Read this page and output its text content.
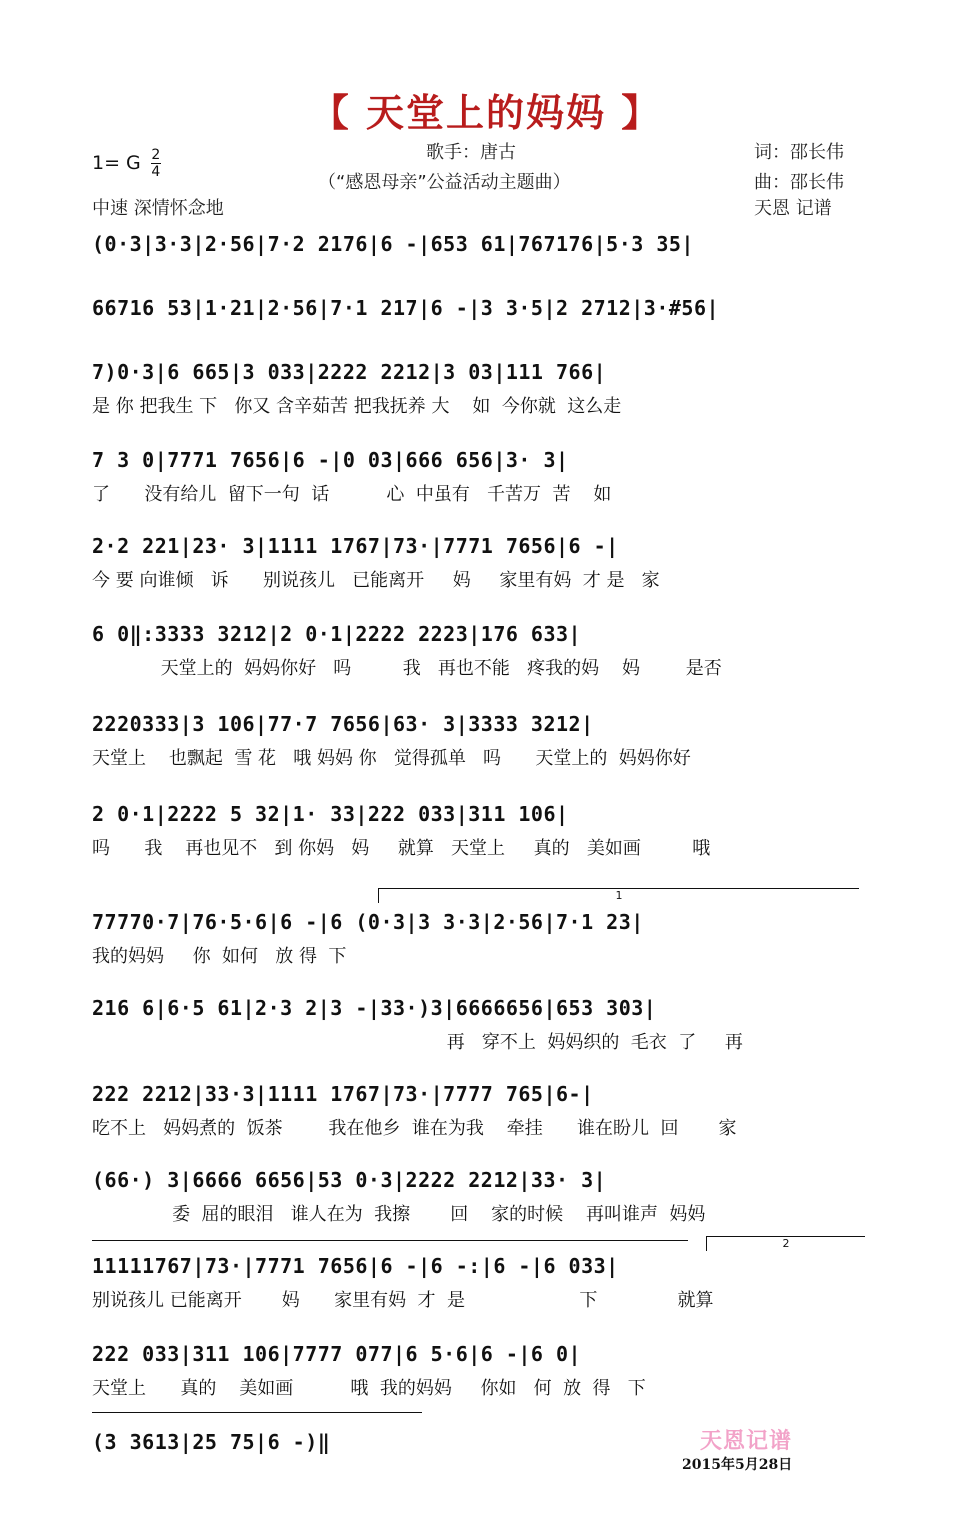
【 天堂上的妈妈 】
1= G $\frac{2}{4}$
中速 深情怀念地
歌手：唐古
（“感恩母亲”公益活动主题曲）
词：邵长伟
曲：邵长伟
天恩 记谱
(0·3|3·3|2·56|7·2 2176|6 -|653 61|767176|5·3 35|
66716 53|1·21|2·56|7·1 217|6 -|3 3·5|2 2712|3·#56|
7)0·3|6 665|3 033|2222 2212|3 03|111 766|
是 你 把我生 下   你又 含辛茹苦 把我抚养 大    如  今你就  这么走
7 3 0|7771 7656|6 -|0 03|666 656|3· 3|
了      没有给儿  留下一句  话          心  中虽有   千苦万  苦    如
2·2 221|23· 3|1111 1767|73·|7771 7656|6 -|
今 要 向谁倾   诉      别说孩儿   已能离开     妈     家里有妈  才 是   家
6 0‖:3333 3212|2 0·1|2222 2223|176 633|
天堂上的  妈妈你好   吗         我   再也不能   疼我的妈    妈        是否
2220333|3 106|77·7 7656|63· 3|3333 3212|
天堂上    也飘起  雪 花   哦 妈妈 你   觉得孤单   吗      天堂上的  妈妈你好
2 0·1|2222 5 32|1· 33|222 033|311 106|
吗      我    再也见不   到 你妈   妈     就算   天堂上     真的   美如画         哦
1
77770·7|76·5·6|6 -|6 (0·3|3 3·3|2·56|7·1 23|
我的妈妈     你  如何   放 得  下
216 6|6·5 61|2·3 2|3 -|33·)3|6666656|653 303|
再   穿不上  妈妈织的  毛衣  了     再
222 2212|33·3|1111 1767|73·|7777 765|6-|
吃不上   妈妈煮的  饭茶        我在他乡  谁在为我    牵挂      谁在盼儿  回       家
(66·) 3|6666 6656|53 0·3|2222 2212|33· 3|
委  屈的眼泪   谁人在为  我擦       回    家的时候    再叫谁声  妈妈
2
11111767|73·|7771 7656|6 -|6 -:|6 -|6 033|
别说孩儿 已能离开       妈      家里有妈  才  是                    下              就算
222 033|311 106|7777 077|6 5·6|6 -|6 0|
天堂上      真的    美如画          哦  我的妈妈     你如   何  放  得   下
(3 3613|25 75|6 -)‖	天恩记谱
2015年5月28日
